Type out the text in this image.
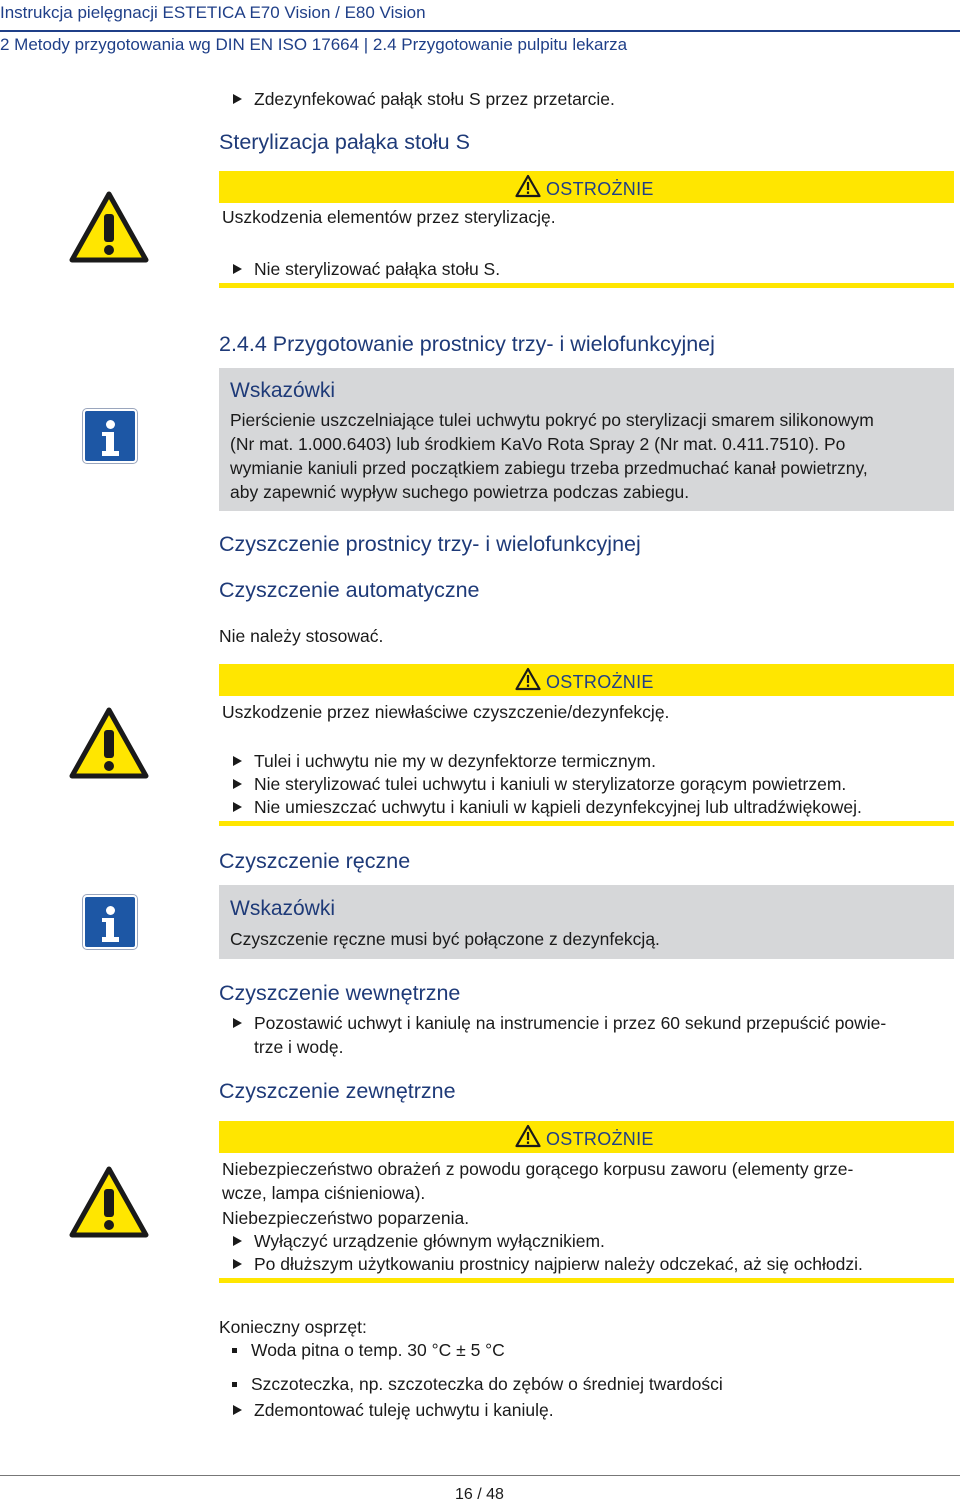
Instrukcja pielęgnacji ESTETICA E70 Vision / E80 Vision
2 Metody przygotowania wg DIN EN ISO 17664 | 2.4 Przygotowanie pulpitu lekarza
Zdezynfekować pałąk stołu S przez przetarcie.
Sterylizacja pałąka stołu S
OSTROŻNIE
Uszkodzenia elementów przez sterylizację.
Nie sterylizować pałąka stołu S.
2.4.4 Przygotowanie prostnicy trzy- i wielofunkcyjnej
Wskazówki
Pierścienie uszczelniające tulei uchwytu pokryć po sterylizacji smarem silikonowym
(Nr mat. 1.000.6403) lub środkiem KaVo Rota Spray 2 (Nr mat. 0.411.7510). Po
wymianie kaniuli przed początkiem zabiegu trzeba przedmuchać kanał powietrzny,
aby zapewnić wypływ suchego powietrza podczas zabiegu.
Czyszczenie prostnicy trzy- i wielofunkcyjnej
Czyszczenie automatyczne
Nie należy stosować.
OSTROŻNIE
Uszkodzenie przez niewłaściwe czyszczenie/dezynfekcję.
Tulei i uchwytu nie my w dezynfektorze termicznym.
Nie sterylizować tulei uchwytu i kaniuli w sterylizatorze gorącym powietrzem.
Nie umieszczać uchwytu i kaniuli w kąpieli dezynfekcyjnej lub ultradźwiękowej.
Czyszczenie ręczne
Wskazówki
Czyszczenie ręczne musi być połączone z dezynfekcją.
Czyszczenie wewnętrzne
Pozostawić uchwyt i kaniulę na instrumencie i przez 60 sekund przepuścić powie-
trze i wodę.
Czyszczenie zewnętrzne
OSTROŻNIE
Niebezpieczeństwo obrażeń z powodu gorącego korpusu zaworu (elementy grze-
wcze, lampa ciśnieniowa).
Niebezpieczeństwo poparzenia.
Wyłączyć urządzenie głównym wyłącznikiem.
Po dłuższym użytkowaniu prostnicy najpierw należy odczekać, aż się ochłodzi.
Konieczny osprzęt:
Woda pitna o temp. 30 °C ± 5 °C
Szczoteczka, np. szczoteczka do zębów o średniej twardości
Zdemontować tuleję uchwytu i kaniulę.
16 / 48
